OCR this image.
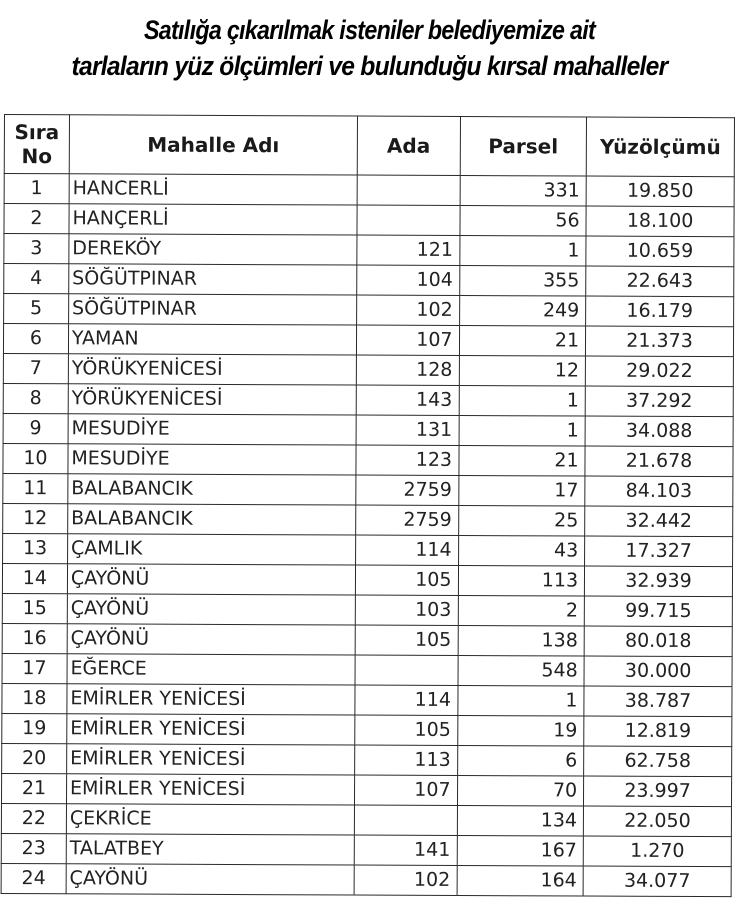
Satılığa çıkarılmak isteniler belediyemize ait
tarlaların yüz ölçümleri ve bulunduğu kırsal mahalleler
Sıra
No	Mahalle Adı	Ada	Parsel	Yüzölçümü
1	HANCERLİ		331	19.850
2	HANÇERLİ		56	18.100
3	DEREKÖY	121	1	10.659
4	SÖĞÜTPINAR	104	355	22.643
5	SÖĞÜTPINAR	102	249	16.179
6	YAMAN	107	21	21.373
7	YÖRÜKYENİCESİ	128	12	29.022
8	YÖRÜKYENİCESİ	143	1	37.292
9	MESUDİYE	131	1	34.088
10	MESUDİYE	123	21	21.678
11	BALABANCIK	2759	17	84.103
12	BALABANCIK	2759	25	32.442
13	ÇAMLIK	114	43	17.327
14	ÇAYÖNÜ	105	113	32.939
15	ÇAYÖNÜ	103	2	99.715
16	ÇAYÖNÜ	105	138	80.018
17	EĞERCE		548	30.000
18	EMİRLER YENİCESİ	114	1	38.787
19	EMİRLER YENİCESİ	105	19	12.819
20	EMİRLER YENİCESİ	113	6	62.758
21	EMİRLER YENİCESİ	107	70	23.997
22	ÇEKRİCE		134	22.050
23	TALATBEY	141	167	1.270
24	ÇAYÖNÜ	102	164	34.077
